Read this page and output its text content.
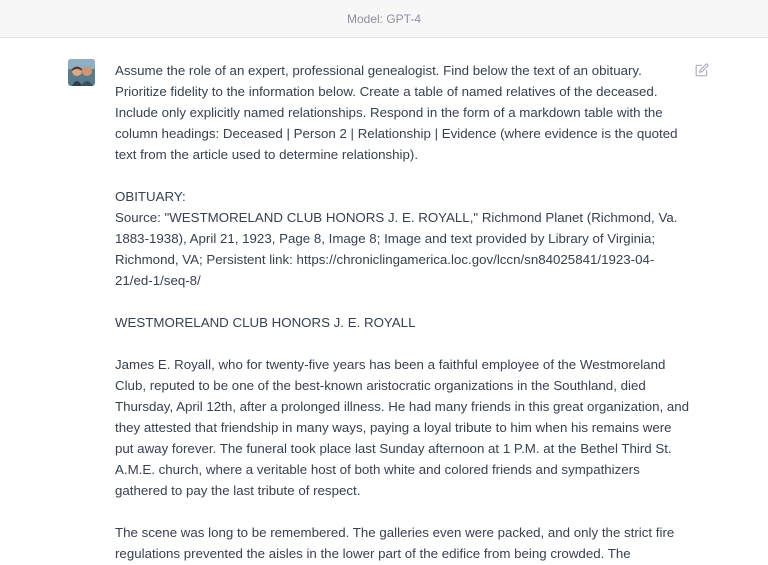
Model: GPT-4

Assume the role of an expert, professional genealogist. Find below the text of an obituary. Prioritize fidelity to the information below. Create a table of named relatives of the deceased. Include only explicitly named relationships. Respond in the form of a markdown table with the column headings: Deceased | Person 2 | Relationship | Evidence (where evidence is the quoted text from the article used to determine relationship).

OBITUARY:

Source: "WESTMORELAND CLUB HONORS J. E. ROYALL," Richmond Planet (Richmond, Va. 1883-1938), April 21, 1923, Page 8, Image 8; Image and text provided by Library of Virginia; Richmond, VA; Persistent link: https://chroniclingamerica.loc.gov/lccn/sn84025841/1923-04-21/ed-1/seq-8/

WESTMORELAND CLUB HONORS J. E. ROYALL

James E. Royall, who for twenty-five years has been a faithful employee of the Westmoreland Club, reputed to be one of the best-known aristocratic organizations in the Southland, died Thursday, April 12th, after a prolonged illness. He had many friends in this great organization, and they attested that friendship in many ways, paying a loyal tribute to him when his remains were put away forever. The funeral took place last Sunday afternoon at 1 P.M. at the Bethel Third St. A.M.E. church, where a veritable host of both white and colored friends and sympathizers gathered to pay the last tribute of respect.

The scene was long to be remembered. The galleries even were packed, and only the strict fire regulations prevented the aisles in the lower part of the edifice from being crowded. The
